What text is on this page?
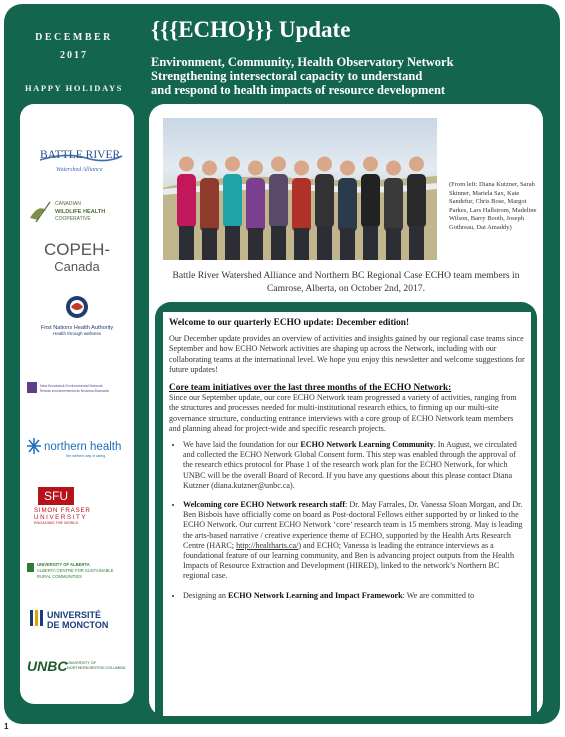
DECEMBER
2017
HAPPY HOLIDAYS
{{{ECHO}}} Update
Environment, Community, Health Observatory Network
Strengthening intersectoral capacity to understand
and respond to health impacts of resource development
BATTLE RIVER
Watershed Alliance
CANADIAN
WILDLIFE HEALTH
COOPERATIVE
COPEH-
Canada
First Nations Health Authority
Health through wellness
New Brunswick Environmental Network
Réseau environnemental du Nouveau-Brunswick
northern health
the northern way of caring
SFU
SIMON FRASER
UNIVERSITY
ENGAGING THE WORLD
UNIVERSITY OF ALBERTA
ALBERTA CENTRE FOR SUSTAINABLE
RURAL COMMUNITIES
UNIVERSITÉ
DE MONCTON
UNBC UNIVERSITY OF
NORTHERN BRITISH COLUMBIA
(From left: Diana Kutzner, Sarah Skinner, Mariela Sax, Kate Sandefur, Chris Bose, Margot Parkes, Lars Hallstrom, Madeline Wilson, Barry Booth, Joseph Gothreau, Dai Amaddy)
Battle River Watershed Alliance and Northern BC Regional Case ECHO team members in
Camrose, Alberta, on October 2nd, 2017.

Welcome to our quarterly ECHO update: December edition!

Our December update provides an overview of activities and insights gained by our regional case teams since September and how ECHO Network activities are shaping up across the Network, including with our collaborating teams at the international level. We hope you enjoy this newsletter and welcome suggestions for future updates!

Core team initiatives over the last three months of the ECHO Network:

Since our September update, our core ECHO Network team progressed a variety of activities, ranging from the structures and processes needed for multi-institutional research ethics, to firming up our multi-site governance structure, conducting entrance interviews with a core group of ECHO Network team members and planning ahead for project-wide and specific research projects.

• We have laid the foundation for our ECHO Network Learning Community. In August, we circulated and collected the ECHO Network Global Consent form. This step was enabled through the approval of the research ethics protocol for Phase 1 of the research work plan for the ECHO Network, for which UNBC will be the overall Board of Record. If you have any questions about this please contact Diana Kutzner (diana.kutzner@unbc.ca).
• Welcoming core ECHO Network research staff: Dr. May Farrales, Dr. Vanessa Sloan Morgan, and Dr. Ben Bisbois have officially come on board as Post-doctoral Fellows either supported by or linked to the ECHO Network. Our current ECHO Network ‘core’ research team is 15 members strong. May is leading the arts-based narrative / creative experience theme of ECHO, supported by the Health Arts Research Centre (HARC; http://healtharts.ca/) and ECHO; Vanessa is leading the entrance interviews as a foundational feature of our learning community, and Ben is advancing project outputs from the Health Impacts of Resource Extraction and Development (HIRED), linked to the network’s Northern BC regional case.
• Designing an ECHO Network Learning and Impact Framework: We are committed to
1
